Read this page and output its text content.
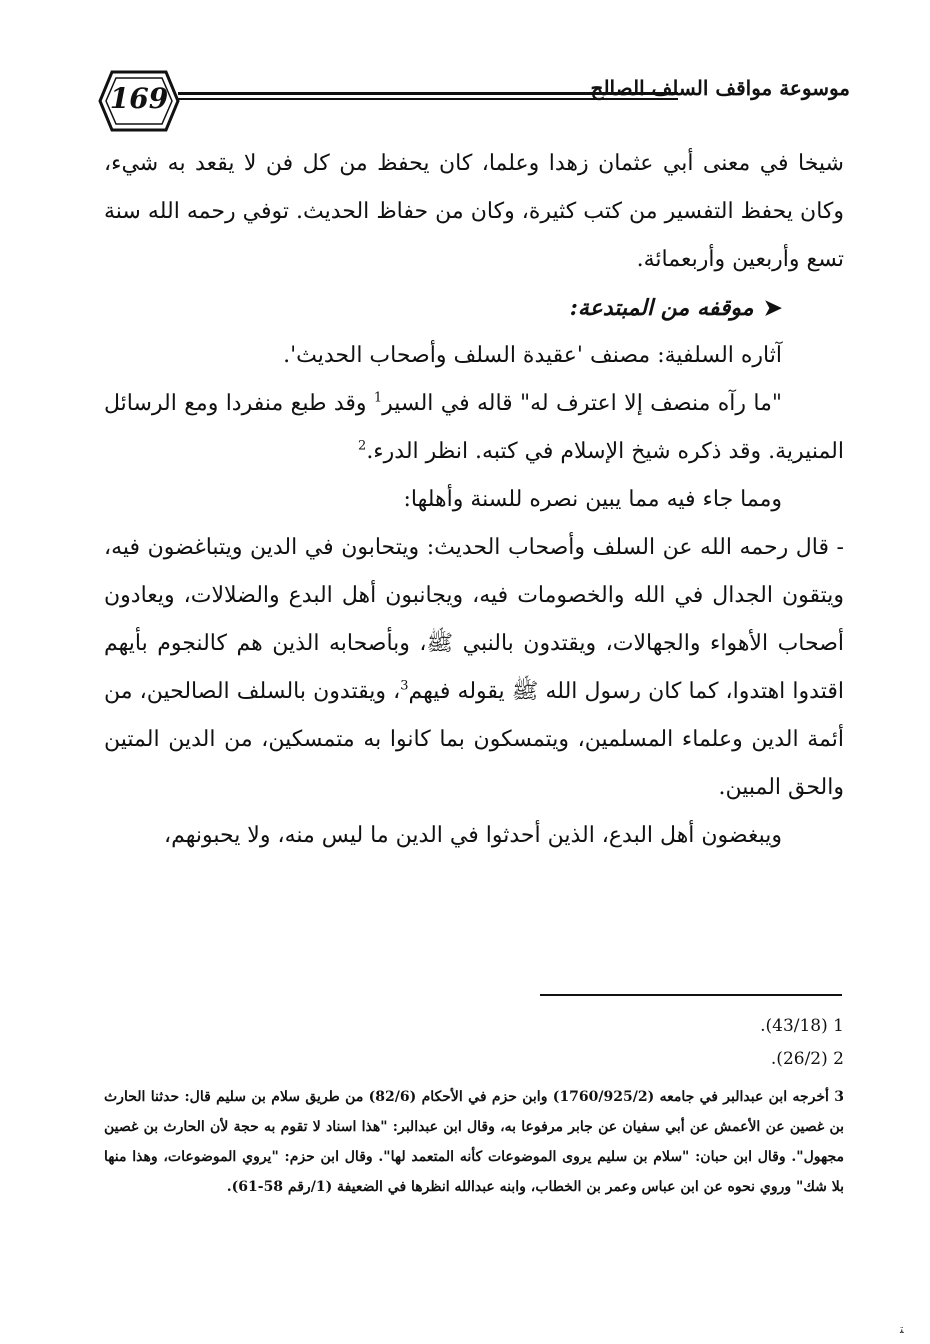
169	موسوعة مواقف السلف الصالح

شيخا في معنى أبي عثمان زهدا وعلما، كان يحفظ من كل فن لا يقعد به شيء، وكان يحفظ التفسير من كتب كثيرة، وكان من حفاظ الحديث. توفي رحمه الله سنة تسع وأربعين وأربعمائة.

➤موقفه من المبتدعة:

آثاره السلفية: مصنف 'عقيدة السلف وأصحاب الحديث'.

"ما رآه منصف إلا اعترف له" قاله في السير$^1$ وقد طبع منفردا ومع الرسائل المنيرية. وقد ذكره شيخ الإسلام في كتبه. انظر الدرء.$^2$

ومما جاء فيه مما يبين نصره للسنة وأهلها:

- قال رحمه الله عن السلف وأصحاب الحديث: ويتحابون في الدين ويتباغضون فيه، ويتقون الجدال في الله والخصومات فيه، ويجانبون أهل البدع والضلالات، ويعادون أصحاب الأهواء والجهالات، ويقتدون بالنبي ﷺ، وبأصحابه الذين هم كالنجوم بأيهم اقتدوا اهتدوا، كما كان رسول الله ﷺ يقوله فيهم$^3$، ويقتدون بالسلف الصالحين، من أئمة الدين وعلماء المسلمين، ويتمسكون بما كانوا به متمسكين، من الدين المتين والحق المبين.

ويبغضون أهل البدع، الذين أحدثوا في الدين ما ليس منه، ولا يحبونهم،

1 (43/18).

2 (26/2).

3 أخرجه ابن عبدالبر في جامعه (1760/925/2) وابن حزم في الأحكام (82/6) من طريق سلام بن سليم قال: حدثنا الحارث بن غصين عن الأعمش عن أبي سفيان عن جابر مرفوعا به، وقال ابن عبدالبر: "هذا اسناد لا تقوم به حجة لأن الحارث بن غصين مجهول". وقال ابن حبان: "سلام بن سليم يروى الموضوعات كأنه المتعمد لها". وقال ابن حزم: "يروي الموضوعات، وهذا منها بلا شك" وروي نحوه عن ابن عباس وعمر بن الخطاب، وابنه عبدالله انظرها في الضعيفة (1/رقم 58-61).

ﺘ
